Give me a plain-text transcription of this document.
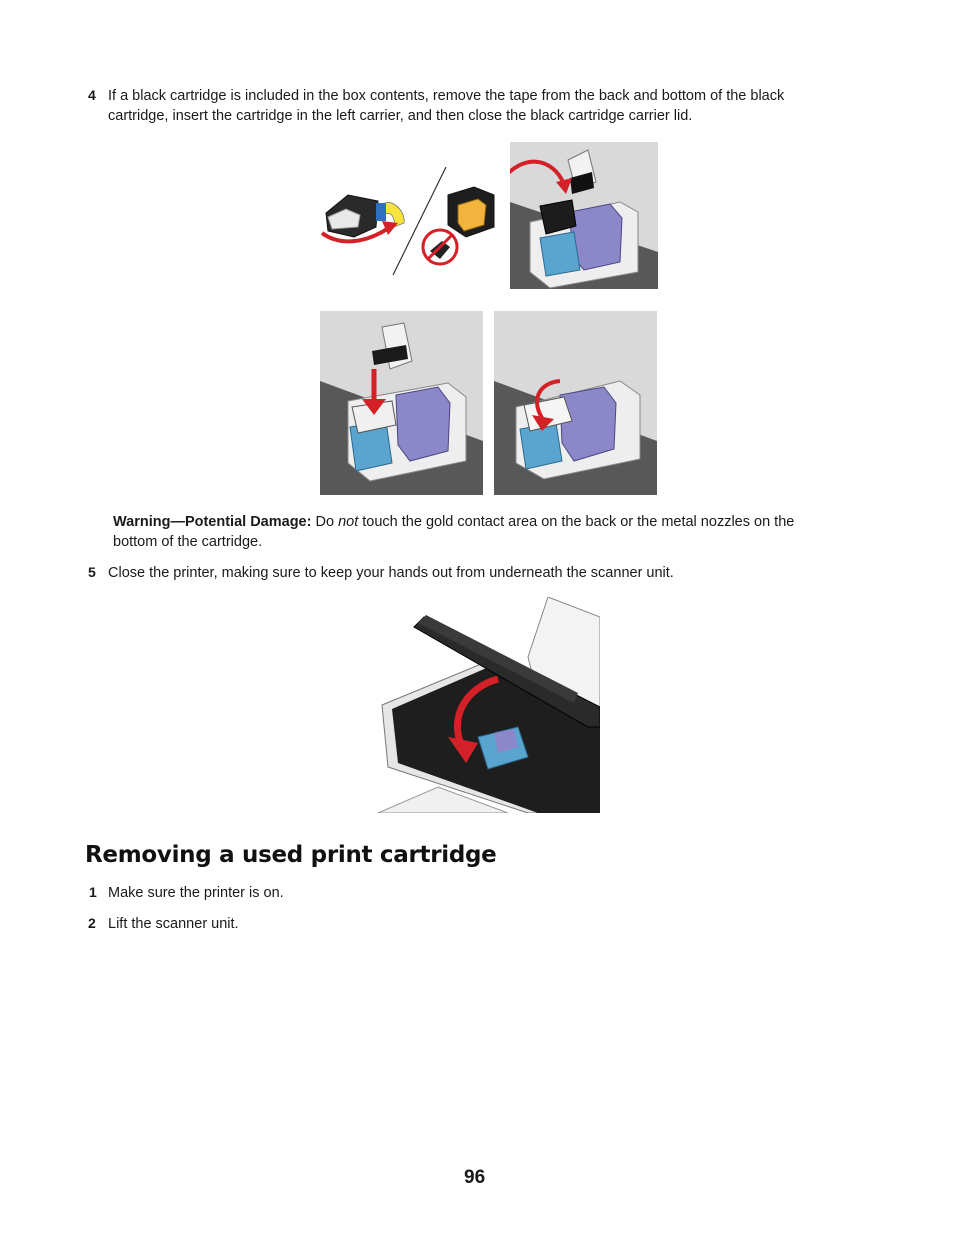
4 If a black cartridge is included in the box contents, remove the tape from the back and bottom of the black
cartridge, insert the cartridge in the left carrier, and then close the black cartridge carrier lid.
Warning—Potential Damage: Do not touch the gold contact area on the back or the metal nozzles on the
bottom of the cartridge.
5 Close the printer, making sure to keep your hands out from underneath the scanner unit.
Removing a used print cartridge
1 Make sure the printer is on.
2 Lift the scanner unit.
96
